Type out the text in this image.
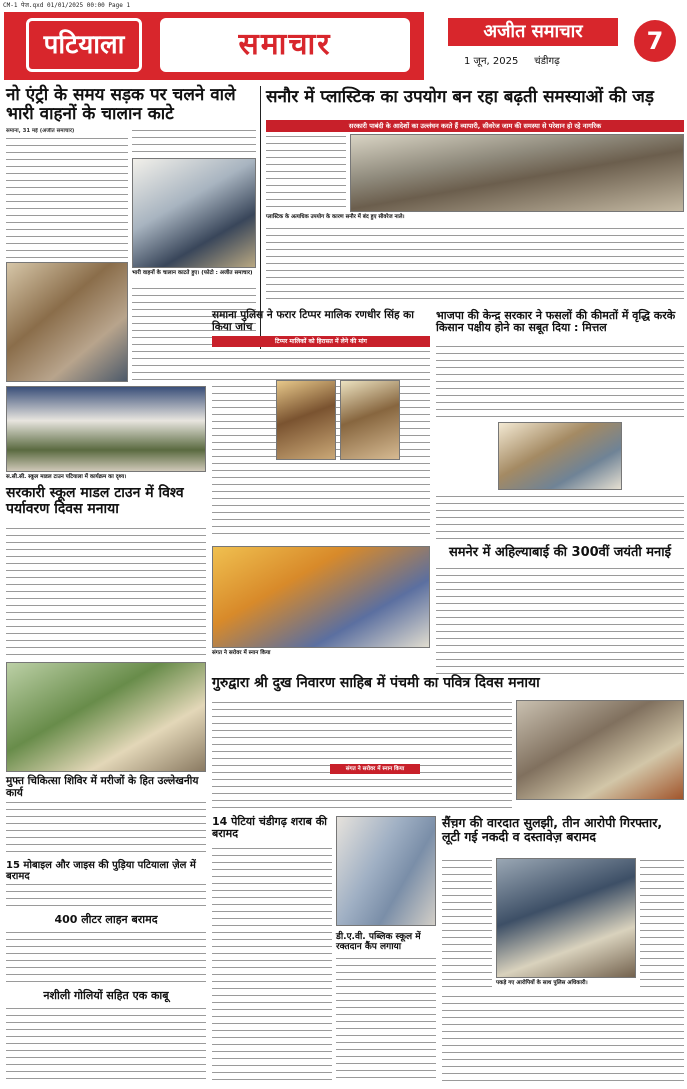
CM-1 पेज.qxd 01/01/2025 00:00 Page 1
पटियाला	समाचार	अजीत समाचार
1 जून, 2025 चंडीगढ़
7
नो एंट्री के समय सड़क पर चलने वाले भारी वाहनों के चालान काटे
समाना, 31 मई (अजीत समाचार)
भारी वाहनों के चालान काटते हुए। (फोटो : अजीत समाचार)
सनौर में प्लास्टिक का उपयोग बन रहा बढ़ती समस्याओं की जड़
सरकारी पाबंदी के आदेशों का उल्लंघन करते हैं व्यापारी, सीवरेज जाम की समस्या से परेशान हो रहे नागरिक
प्लास्टिक के अत्यधिक उपयोग के कारण सनौर में बंद हुए सीवरेज नाले।
स.सी.सी. स्कूल माडल टाउन पटियाला में कार्यक्रम का दृश्य।
सरकारी स्कूल माडल टाउन में विश्व पर्यावरण दिवस मनाया
समाना पुलिस ने फरार टिप्पर मालिक रणधीर सिंह का किया जांच
टिप्पर मालिकों को हिरासत में लेने की मांग
भाजपा की केन्द्र सरकार ने फसलों की कीमतों में वृद्धि करके किसान पक्षीय होने का सबूत दिया : मित्तल
समनेर में अहिल्याबाई की 300वीं जयंती मनाई
संगत ने सरोवर में स्नान किया
गुरुद्वारा श्री दुख निवारण साहिब में पंचमी का पवित्र दिवस मनाया
संगत ने सरोवर में स्नान किया
मुफ्त चिकित्सा शिविर में मरीजों के हित उल्लेखनीय कार्य
15 मोबाइल और जाइस की पुड़िया पटियाला ज़ेल में बरामद
400 लीटर लाहन बरामद
नशीली गोलियों सहित एक काबू
14 पेटियां चंडीगढ़ शराब की बरामद
डी.ए.वी. पब्लिक स्कूल में रक्तदान कैंप लगाया
सैंच़ग की वारदात सुलझी, तीन आरोपी गिरफ्तार, लूटी गई नकदी व दस्तावेज़ बरामद
पकड़े गए आरोपियों के साथ पुलिस अधिकारी।
